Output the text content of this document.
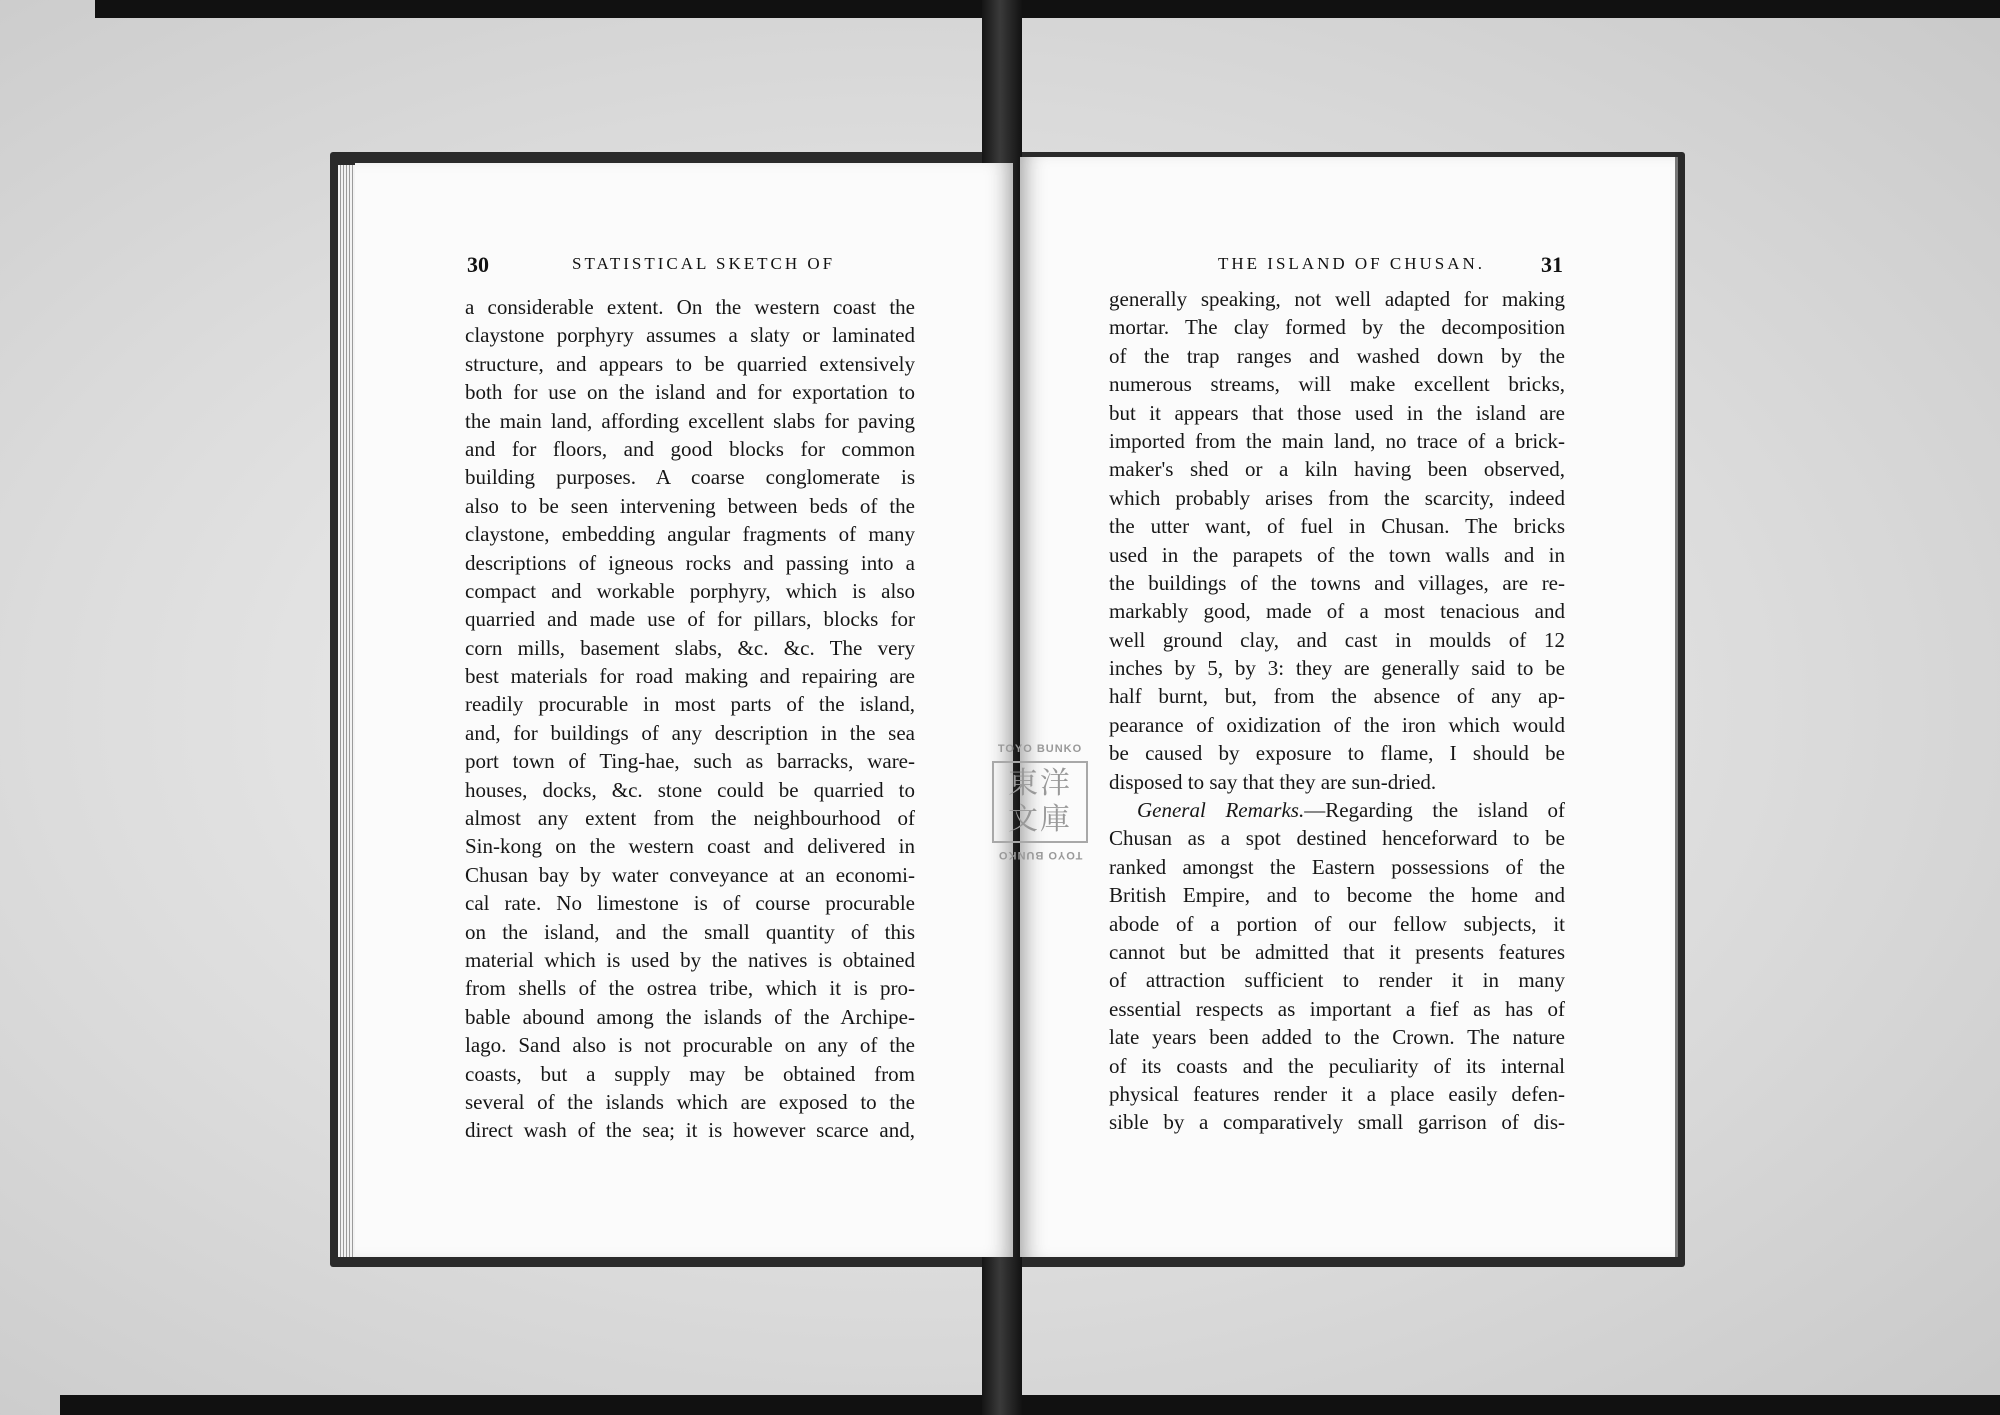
30	STATISTICAL SKETCH OF	THE ISLAND OF CHUSAN.	31
a considerable extent. On the western coast the
claystone porphyry assumes a slaty or laminated
structure, and appears to be quarried extensively
both for use on the island and for exportation to
the main land, affording excellent slabs for paving
and for floors, and good blocks for common
building purposes. A coarse conglomerate is
also to be seen intervening between beds of the
claystone, embedding angular fragments of many
descriptions of igneous rocks and passing into a
compact and workable porphyry, which is also
quarried and made use of for pillars, blocks for
corn mills, basement slabs, &c. &c. The very
best materials for road making and repairing are
readily procurable in most parts of the island,
and, for buildings of any description in the sea
port town of Ting-hae, such as barracks, ware-
houses, docks, &c. stone could be quarried to
almost any extent from the neighbourhood of
Sin-kong on the western coast and delivered in
Chusan bay by water conveyance at an economi-
cal rate. No limestone is of course procurable
on the island, and the small quantity of this
material which is used by the natives is obtained
from shells of the ostrea tribe, which it is pro-
bable abound among the islands of the Archipe-
lago. Sand also is not procurable on any of the
coasts, but a supply may be obtained from
several of the islands which are exposed to the
direct wash of the sea; it is however scarce and,
generally speaking, not well adapted for making
mortar. The clay formed by the decomposition
of the trap ranges and washed down by the
numerous streams, will make excellent bricks,
but it appears that those used in the island are
imported from the main land, no trace of a brick-
maker's shed or a kiln having been observed,
which probably arises from the scarcity, indeed
the utter want, of fuel in Chusan. The bricks
used in the parapets of the town walls and in
the buildings of the towns and villages, are re-
markably good, made of a most tenacious and
well ground clay, and cast in moulds of 12
inches by 5, by 3: they are generally said to be
half burnt, but, from the absence of any ap-
pearance of oxidization of the iron which would
be caused by exposure to flame, I should be
disposed to say that they are sun-dried.
General Remarks.—Regarding the island of
Chusan as a spot destined henceforward to be
ranked amongst the Eastern possessions of the
British Empire, and to become the home and
abode of a portion of our fellow subjects, it
cannot but be admitted that it presents features
of attraction sufficient to render it in many
essential respects as important a fief as has of
late years been added to the Crown. The nature
of its coasts and the peculiarity of its internal
physical features render it a place easily defen-
sible by a comparatively small garrison of dis-
TOYO BUNKO
東洋文庫
TOYO BUNKO
